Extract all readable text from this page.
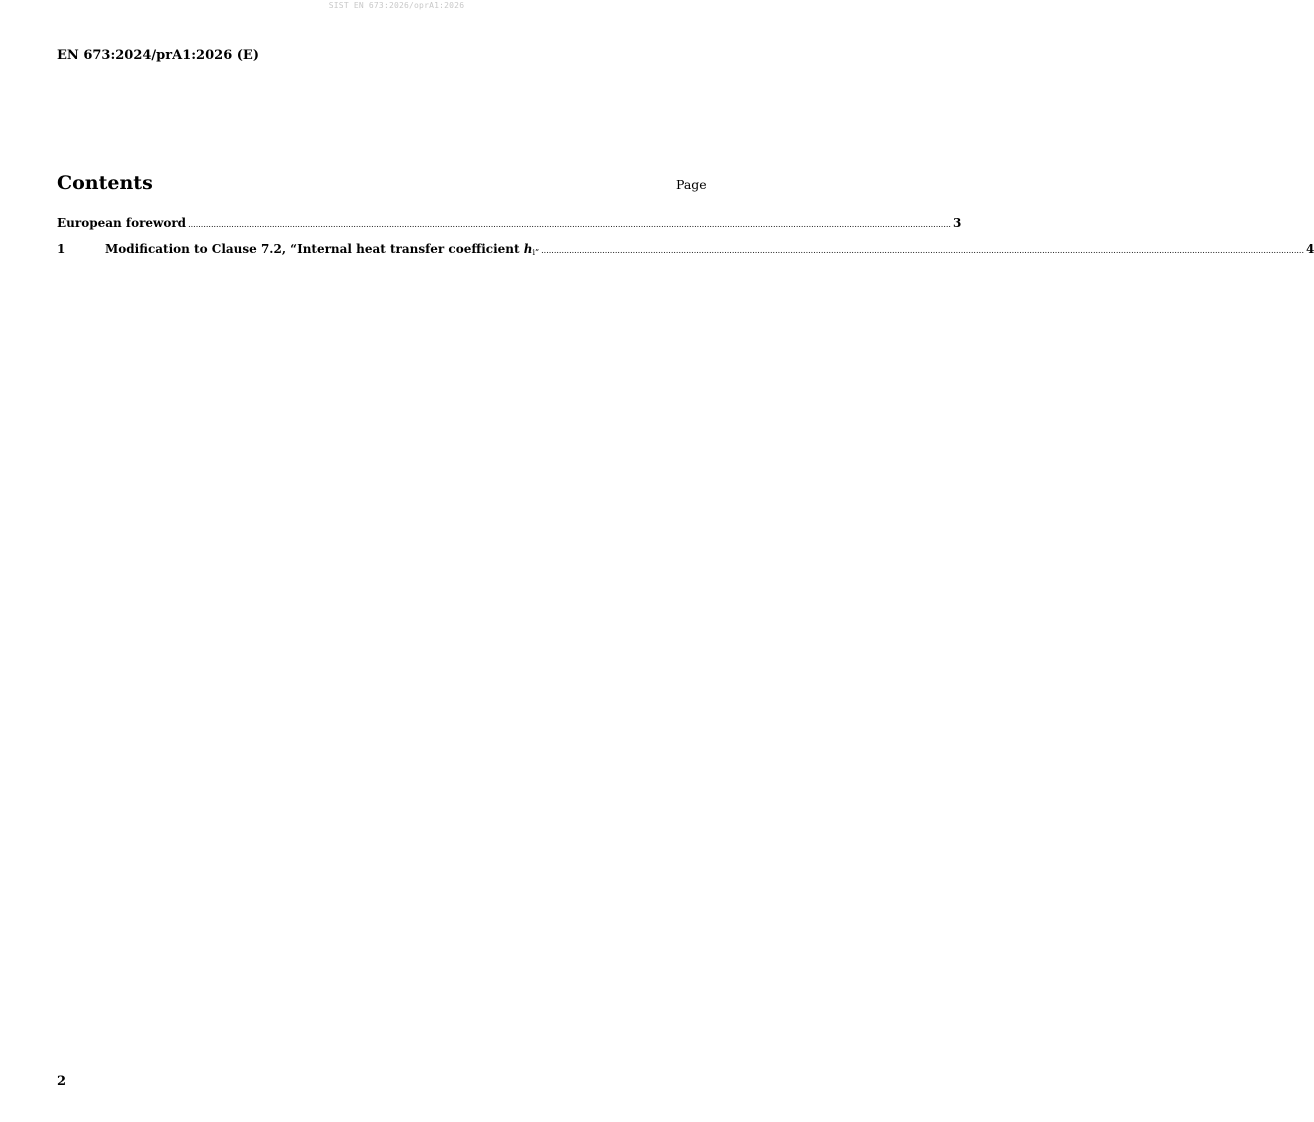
SIST EN 673:2026/oprA1:2026
EN 673:2024/prA1:2026 (E)
Contents	Page
European foreword ............................................................................................................................................................................................................................................................................................................ 3
1	Modification to Clause 7.2, “Internal heat transfer coefficient $h_{i”}$ ............................................................................................................................................................................................................................................................................................................ 4
2
